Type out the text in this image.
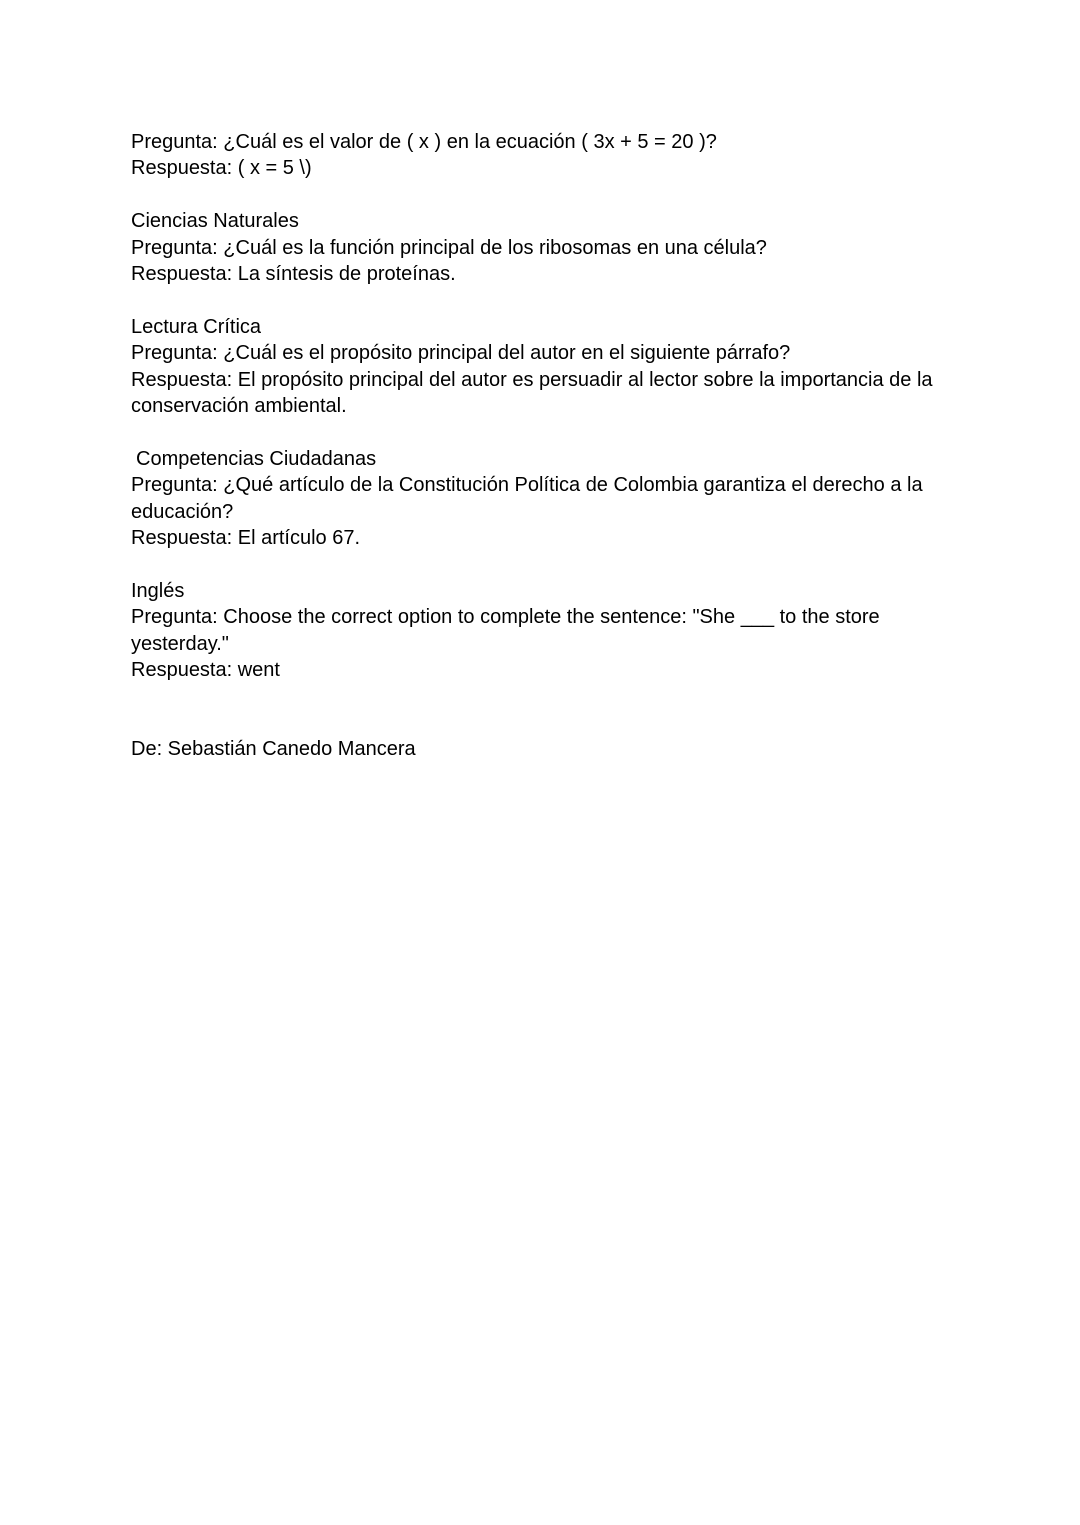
Pregunta: ¿Cuál es el valor de ( x ) en la ecuación ( 3x + 5 = 20 )?
Respuesta: ( x = 5 \)
Ciencias Naturales
Pregunta: ¿Cuál es la función principal de los ribosomas en una célula?
Respuesta: La síntesis de proteínas.
Lectura Crítica
Pregunta: ¿Cuál es el propósito principal del autor en el siguiente párrafo?
Respuesta: El propósito principal del autor es persuadir al lector sobre la importancia de la conservación ambiental.
Competencias Ciudadanas
Pregunta: ¿Qué artículo de la Constitución Política de Colombia garantiza el derecho a la educación?
Respuesta: El artículo 67.
Inglés
Pregunta: Choose the correct option to complete the sentence: "She ___ to the store yesterday."
Respuesta: went
De: Sebastián Canedo Mancera
